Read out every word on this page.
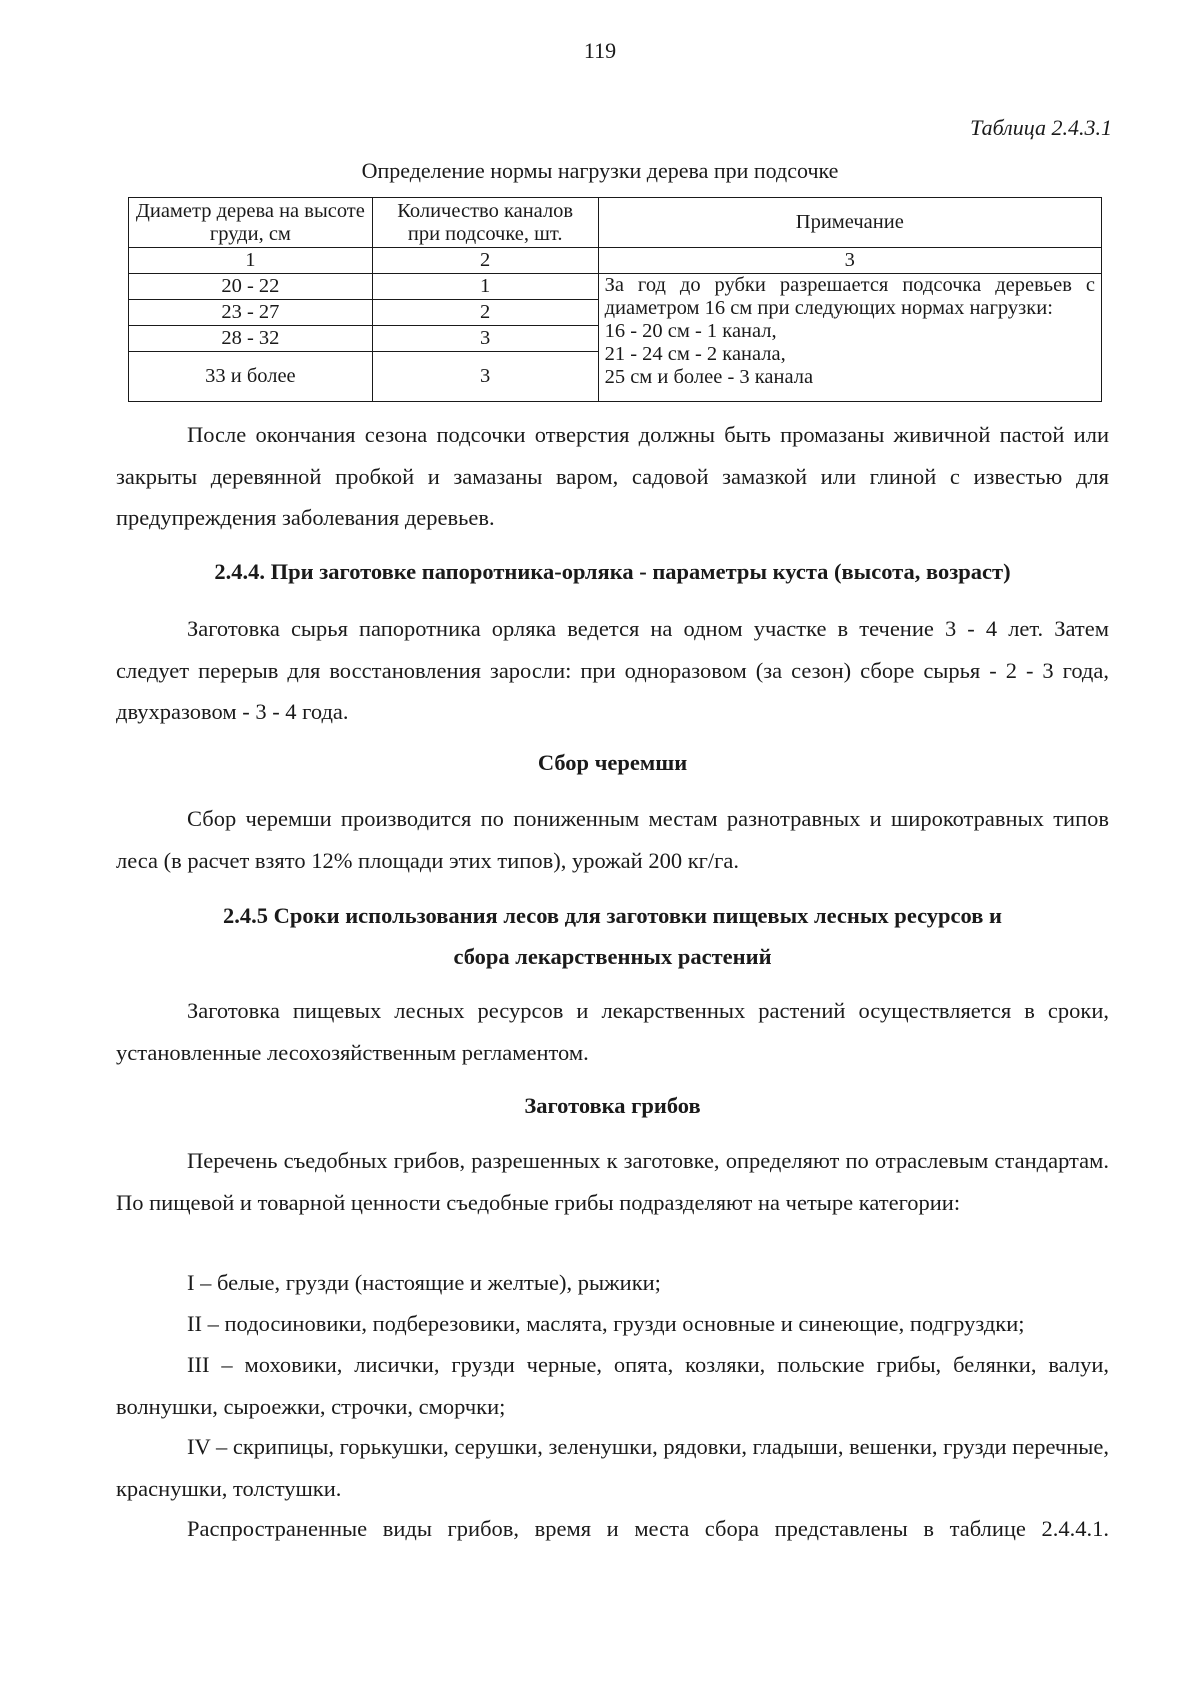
119
Таблица 2.4.3.1
Определение нормы нагрузки дерева при подсочке
Диаметр дерева на высоте груди, см	Количество каналов при подсочке, шт.	Примечание
1	2	3
20 - 22	1	За год до рубки разрешается подсочка деревьев с
диаметром 16 см при следующих нормах нагрузки:
16 - 20 см - 1 канал,
21 - 24 см - 2 канала,
25 см и более - 3 канала

23 - 27	2	
28 - 32	3	
33 и более	3	

После окончания сезона подсочки отверстия должны быть промазаны живичной пастой или закрыты деревянной пробкой и замазаны варом, садовой замазкой или глиной с известью для предупреждения заболевания деревьев.

2.4.4. При заготовке папоротника-орляка - параметры куста (высота, возраст)

Заготовка сырья папоротника орляка ведется на одном участке в течение 3 - 4 лет. Затем следует перерыв для восстановления заросли: при одноразовом (за сезон) сборе сырья - 2 - 3 года, двухразовом - 3 - 4 года.

Сбор черемши

Сбор черемши производится по пониженным местам разнотравных и широкотравных типов леса (в расчет взято 12% площади этих типов), урожай 200 кг/га.

2.4.5 Сроки использования лесов для заготовки пищевых лесных ресурсов и

сбора лекарственных растений

Заготовка пищевых лесных ресурсов и лекарственных растений осуществляется в сроки, установленные лесохозяйственным регламентом.

Заготовка грибов

Перечень съедобных грибов, разрешенных к заготовке, определяют по отраслевым стандартам. По пищевой и товарной ценности съедобные грибы подразделяют на четыре категории:

I – белые, грузди (настоящие и желтые), рыжики;

II – подосиновики, подберезовики, маслята, грузди основные и синеющие, подгруздки;

III – моховики, лисички, грузди черные, опята, козляки, польские грибы, белянки, валуи, волнушки, сыроежки, строчки, сморчки;

IV – скрипицы, горькушки, серушки, зеленушки, рядовки, гладыши, вешенки, грузди перечные, краснушки, толстушки.

Распространенные виды грибов, время и места сбора представлены в таблице 2.4.4.1.
